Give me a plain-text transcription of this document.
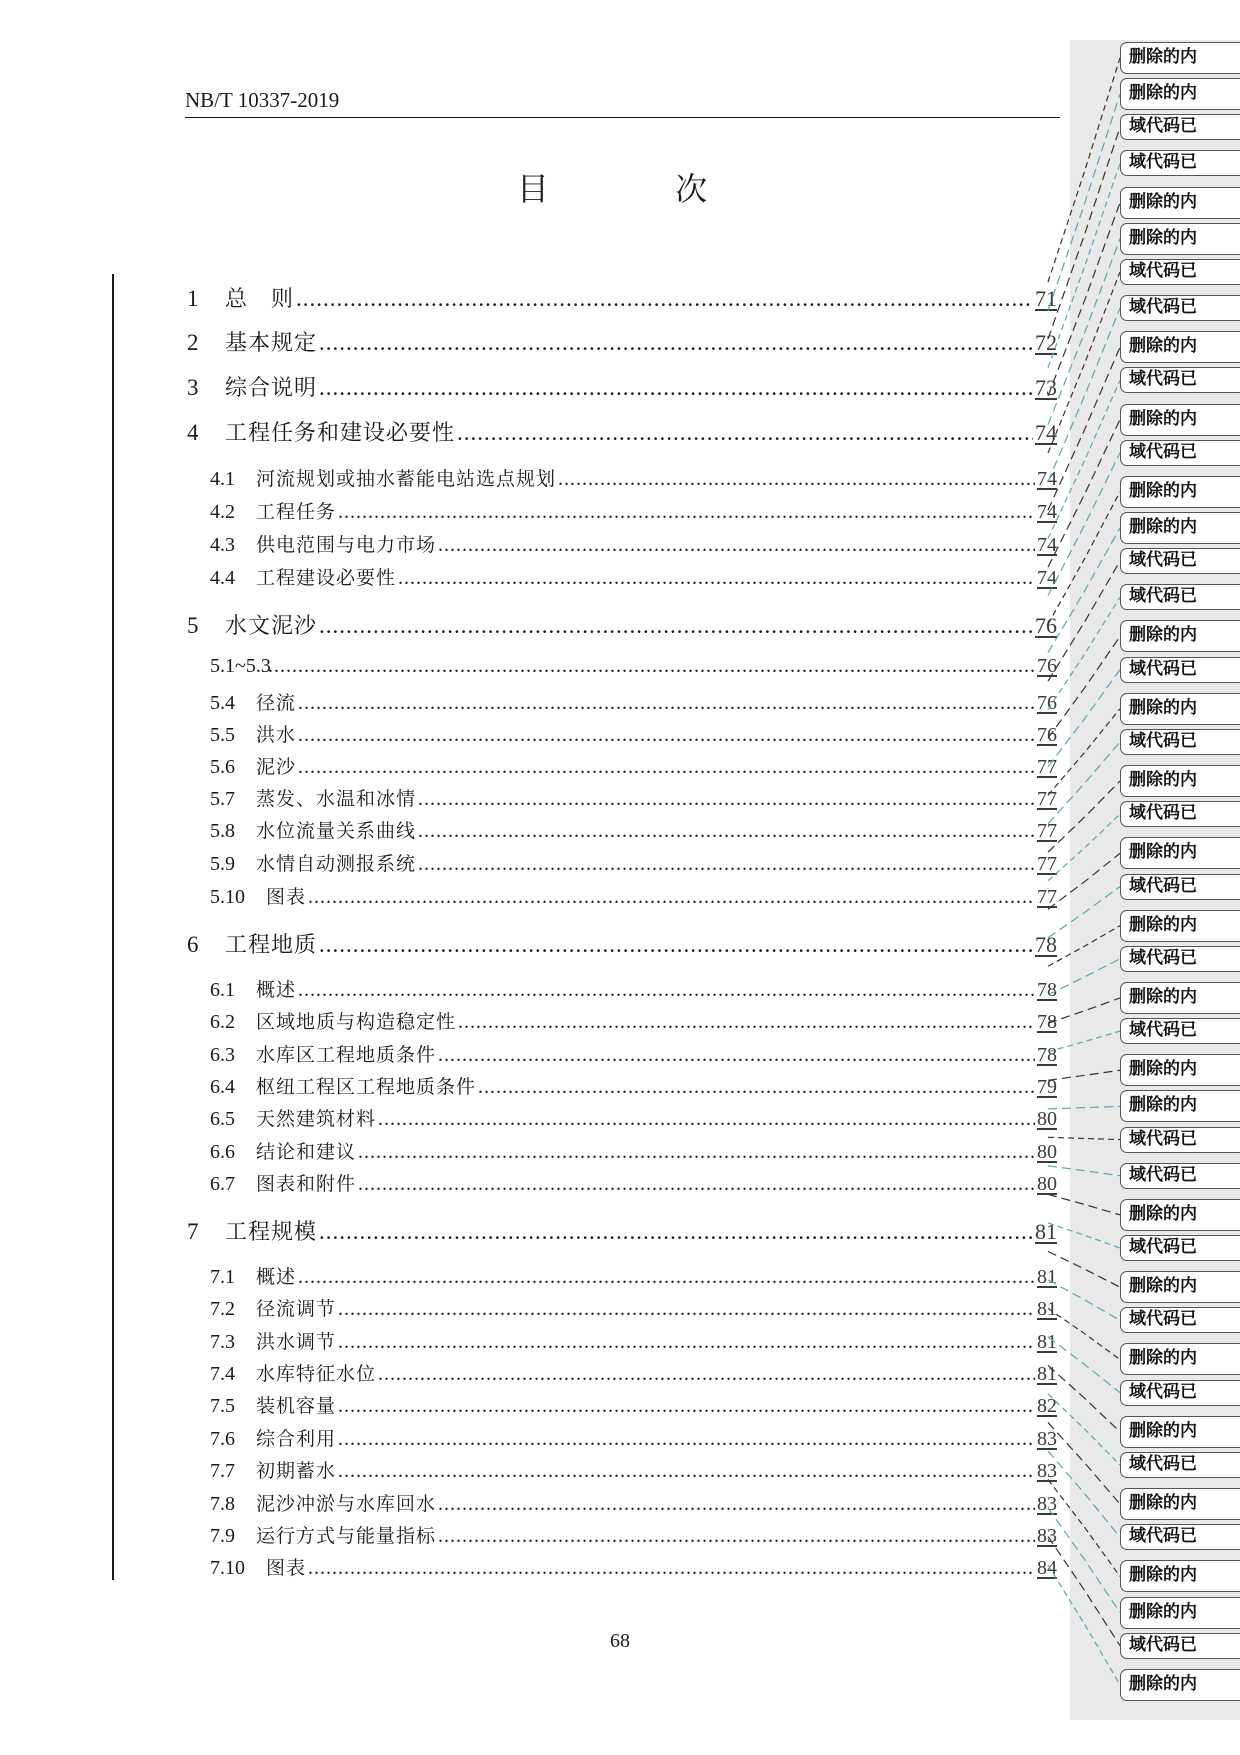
NB/T 10337-2019
目 次
1	总　则 .....	71
2	基本规定 .....	72
3	综合说明 .....	73
4	工程任务和建设必要性 .....	74
4.1	河流规划或抽水蓄能电站选点规划 .....	74
4.2	工程任务 .....	74
4.3	供电范围与电力市场 .....	74
4.4	工程建设必要性 .....	74
5	水文泥沙 .....	76
5.1~5.3 .....	76
5.4	径流 .....	76
5.5	洪水 .....	76
5.6	泥沙 .....	77
5.7	蒸发、水温和冰情 .....	77
5.8	水位流量关系曲线 .....	77
5.9	水情自动测报系统 .....	77
5.10	图表 .....	77
6	工程地质 .....	78
6.1	概述 .....	78
6.2	区域地质与构造稳定性 .....	78
6.3	水库区工程地质条件 .....	78
6.4	枢纽工程区工程地质条件 .....	79
6.5	天然建筑材料 .....	80
6.6	结论和建议 .....	80
6.7	图表和附件 .....	80
7	工程规模 .....	81
7.1	概述 .....	81
7.2	径流调节 .....	81
7.3	洪水调节 .....	81
7.4	水库特征水位 .....	81
7.5	装机容量 .....	82
7.6	综合利用 .....	83
7.7	初期蓄水 .....	83
7.8	泥沙冲淤与水库回水 .....	83
7.9	运行方式与能量指标 .....	83
7.10	图表 .....	84
68
删除的内
删除的内
域代码已
域代码已
删除的内
删除的内
域代码已
域代码已
删除的内
域代码已
删除的内
域代码已
删除的内
删除的内
域代码已
域代码已
删除的内
域代码已
删除的内
域代码已
删除的内
域代码已
删除的内
域代码已
删除的内
域代码已
删除的内
域代码已
删除的内
删除的内
域代码已
域代码已
删除的内
域代码已
删除的内
域代码已
删除的内
域代码已
删除的内
域代码已
删除的内
域代码已
删除的内
删除的内
域代码已
删除的内
